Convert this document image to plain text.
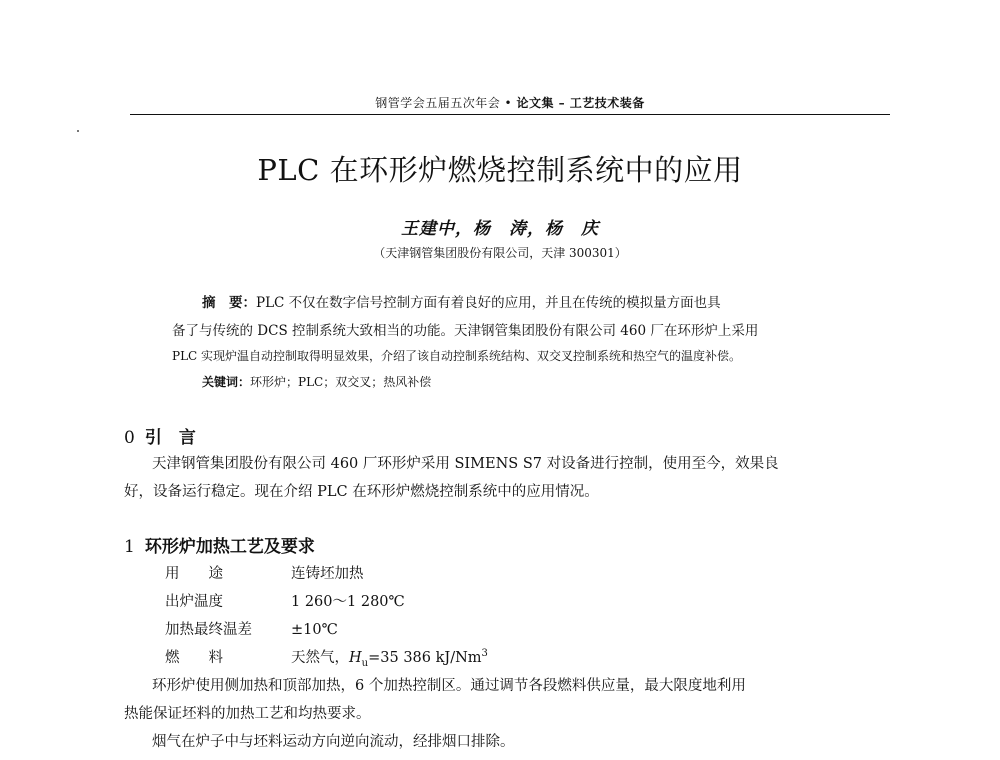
钢管学会五届五次年会 • 论文集 – 工艺技术装备
PLC 在环形炉燃烧控制系统中的应用
王建中，杨　涛，杨　庆
（天津钢管集团股份有限公司，天津 300301）
摘　要：PLC 不仅在数字信号控制方面有着良好的应用，并且在传统的模拟量方面也具
备了与传统的 DCS 控制系统大致相当的功能。天津钢管集团股份有限公司 460 厂在环形炉上采用
PLC 实现炉温自动控制取得明显效果，介绍了该自动控制系统结构、双交叉控制系统和热空气的温度补偿。
关键词：环形炉；PLC；双交叉；热风补偿
0 引　言
天津钢管集团股份有限公司 460 厂环形炉采用 SIMENS S7 对设备进行控制，使用至今，效果良
好，设备运行稳定。现在介绍 PLC 在环形炉燃烧控制系统中的应用情况。
1 环形炉加热工艺及要求
用　　途	连铸坯加热
出炉温度	1 260～1 280℃
加热最终温差	±10℃
燃　　料	天然气，$H_u=35$ 386 kJ/Nm$^3$
环形炉使用侧加热和顶部加热，6 个加热控制区。通过调节各段燃料供应量，最大限度地利用
热能保证坯料的加热工艺和均热要求。
烟气在炉子中与坯料运动方向逆向流动，经排烟口排除。
